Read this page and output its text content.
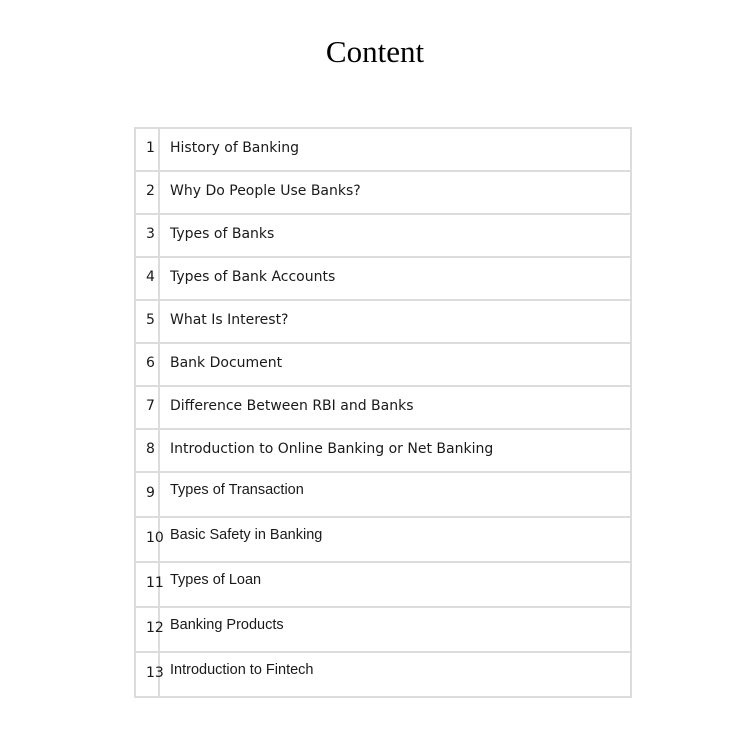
Content
1	History of Banking
2	Why Do People Use Banks?
3	Types of Banks
4	Types of Bank Accounts
5	What Is Interest?
6	Bank Document
7	Difference Between RBI and Banks
8	Introduction to Online Banking or Net Banking
9	Types of Transaction
10	Basic Safety in Banking
11	Types of Loan
12	Banking Products
13	Introduction to Fintech
